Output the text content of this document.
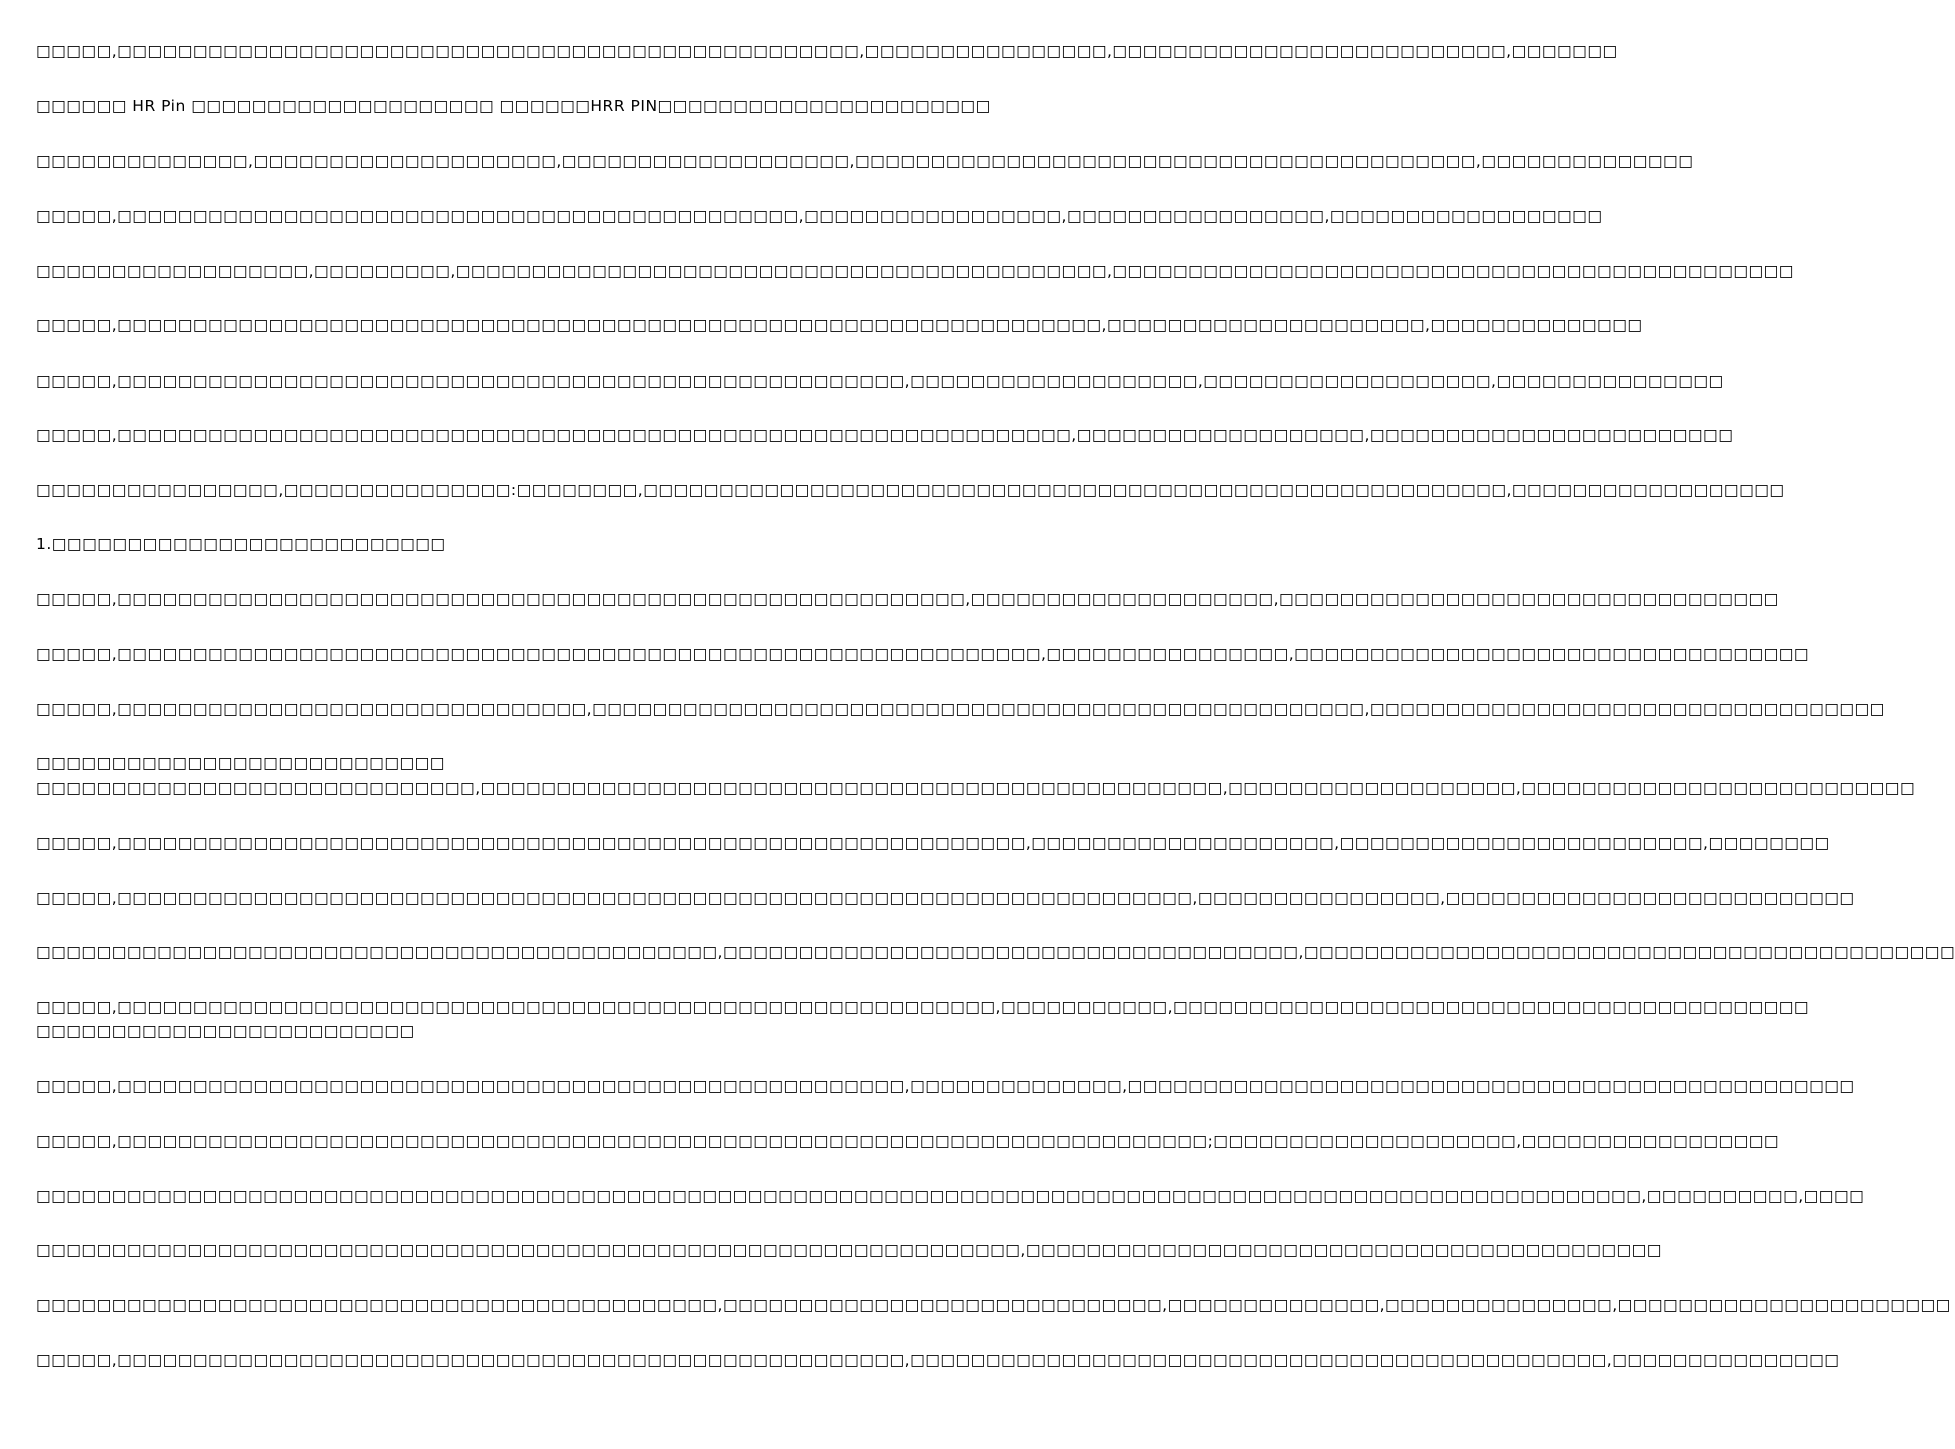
□□□□□,□□□□□□□□□□□□□□□□□□□□□□□□□□□□□□□□□□□□□□□□□□□□□□□□□,□□□□□□□□□□□□□□□□,□□□□□□□□□□□□□□□□□□□□□□□□□□,□□□□□□□
□□□□□□ HR Pin □□□□□□□□□□□□□□□□□□□□ □□□□□□HRR PIN□□□□□□□□□□□□□□□□□□□□□□
□□□□□□□□□□□□□□,□□□□□□□□□□□□□□□□□□□□,□□□□□□□□□□□□□□□□□□□,□□□□□□□□□□□□□□□□□□□□□□□□□□□□□□□□□□□□□□□□□,□□□□□□□□□□□□□□
□□□□□,□□□□□□□□□□□□□□□□□□□□□□□□□□□□□□□□□□□□□□□□□□□□□,□□□□□□□□□□□□□□□□□,□□□□□□□□□□□□□□□□□,□□□□□□□□□□□□□□□□□□
□□□□□□□□□□□□□□□□□□,□□□□□□□□□,□□□□□□□□□□□□□□□□□□□□□□□□□□□□□□□□□□□□□□□□□□□,□□□□□□□□□□□□□□□□□□□□□□□□□□□□□□□□□□□□□□□□□□□□□
□□□□□,□□□□□□□□□□□□□□□□□□□□□□□□□□□□□□□□□□□□□□□□□□□□□□□□□□□□□□□□□□□□□□□□□,□□□□□□□□□□□□□□□□□□□□□,□□□□□□□□□□□□□□
□□□□□,□□□□□□□□□□□□□□□□□□□□□□□□□□□□□□□□□□□□□□□□□□□□□□□□□□□□,□□□□□□□□□□□□□□□□□□□,□□□□□□□□□□□□□□□□□□□,□□□□□□□□□□□□□□□
□□□□□,□□□□□□□□□□□□□□□□□□□□□□□□□□□□□□□□□□□□□□□□□□□□□□□□□□□□□□□□□□□□□□□,□□□□□□□□□□□□□□□□□□□,□□□□□□□□□□□□□□□□□□□□□□□□
□□□□□□□□□□□□□□□□,□□□□□□□□□□□□□□□:□□□□□□□□,□□□□□□□□□□□□□□□□□□□□□□□□□□□□□□□□□□□□□□□□□□□□□□□□□□□□□□□□□,□□□□□□□□□□□□□□□□□□
1.□□□□□□□□□□□□□□□□□□□□□□□□□□
□□□□□,□□□□□□□□□□□□□□□□□□□□□□□□□□□□□□□□□□□□□□□□□□□□□□□□□□□□□□□□,□□□□□□□□□□□□□□□□□□□□,□□□□□□□□□□□□□□□□□□□□□□□□□□□□□□□□□
□□□□□,□□□□□□□□□□□□□□□□□□□□□□□□□□□□□□□□□□□□□□□□□□□□□□□□□□□□□□□□□□□□□,□□□□□□□□□□□□□□□□,□□□□□□□□□□□□□□□□□□□□□□□□□□□□□□□□□□
□□□□□,□□□□□□□□□□□□□□□□□□□□□□□□□□□□□□□,□□□□□□□□□□□□□□□□□□□□□□□□□□□□□□□□□□□□□□□□□□□□□□□□□□□,□□□□□□□□□□□□□□□□□□□□□□□□□□□□□□□□□□
□□□□□□□□□□□□□□□□□□□□□□□□□□□
□□□□□□□□□□□□□□□□□□□□□□□□□□□□□,□□□□□□□□□□□□□□□□□□□□□□□□□□□□□□□□□□□□□□□□□□□□□□□□□,□□□□□□□□□□□□□□□□□□□,□□□□□□□□□□□□□□□□□□□□□□□□□□
□□□□□,□□□□□□□□□□□□□□□□□□□□□□□□□□□□□□□□□□□□□□□□□□□□□□□□□□□□□□□□□□□□,□□□□□□□□□□□□□□□□□□□□,□□□□□□□□□□□□□□□□□□□□□□□□,□□□□□□□□
□□□□□,□□□□□□□□□□□□□□□□□□□□□□□□□□□□□□□□□□□□□□□□□□□□□□□□□□□□□□□□□□□□□□□□□□□□□□□,□□□□□□□□□□□□□□□□,□□□□□□□□□□□□□□□□□□□□□□□□□□□
□□□□□□□□□□□□□□□□□□□□□□□□□□□□□□□□□□□□□□□□□□□□□,□□□□□□□□□□□□□□□□□□□□□□□□□□□□□□□□□□□□□□,□□□□□□□□□□□□□□□□□□□□□□□□□□□□□□□□□□□□□□□□□□□
□□□□□,□□□□□□□□□□□□□□□□□□□□□□□□□□□□□□□□□□□□□□□□□□□□□□□□□□□□□□□□□□,□□□□□□□□□□□,□□□□□□□□□□□□□□□□□□□□□□□□□□□□□□□□□□□□□□□□□□
□□□□□□□□□□□□□□□□□□□□□□□□□
□□□□□,□□□□□□□□□□□□□□□□□□□□□□□□□□□□□□□□□□□□□□□□□□□□□□□□□□□□,□□□□□□□□□□□□□□,□□□□□□□□□□□□□□□□□□□□□□□□□□□□□□□□□□□□□□□□□□□□□□□□
□□□□□,□□□□□□□□□□□□□□□□□□□□□□□□□□□□□□□□□□□□□□□□□□□□□□□□□□□□□□□□□□□□□□□□□□□□□□□□;□□□□□□□□□□□□□□□□□□□□,□□□□□□□□□□□□□□□□□
□□□□□□□□□□□□□□□□□□□□□□□□□□□□□□□□□□□□□□□□□□□□□□□□□□□□□□□□□□□□□□□□□□□□□□□□□□□□□□□□□□□□□□□□□□□□□□□□□□□□□□□□□□,□□□□□□□□□□,□□□□
□□□□□□□□□□□□□□□□□□□□□□□□□□□□□□□□□□□□□□□□□□□□□□□□□□□□□□□□□□□□□□□□□,□□□□□□□□□□□□□□□□□□□□□□□□□□□□□□□□□□□□□□□□□□
□□□□□□□□□□□□□□□□□□□□□□□□□□□□□□□□□□□□□□□□□□□□□,□□□□□□□□□□□□□□□□□□□□□□□□□□□□□,□□□□□□□□□□□□□□,□□□□□□□□□□□□□□□,□□□□□□□□□□□□□□□□□□□□□□
□□□□□,□□□□□□□□□□□□□□□□□□□□□□□□□□□□□□□□□□□□□□□□□□□□□□□□□□□□,□□□□□□□□□□□□□□□□□□□□□□□□□□□□□□□□□□□□□□□□□□□□□□,□□□□□□□□□□□□□□□
